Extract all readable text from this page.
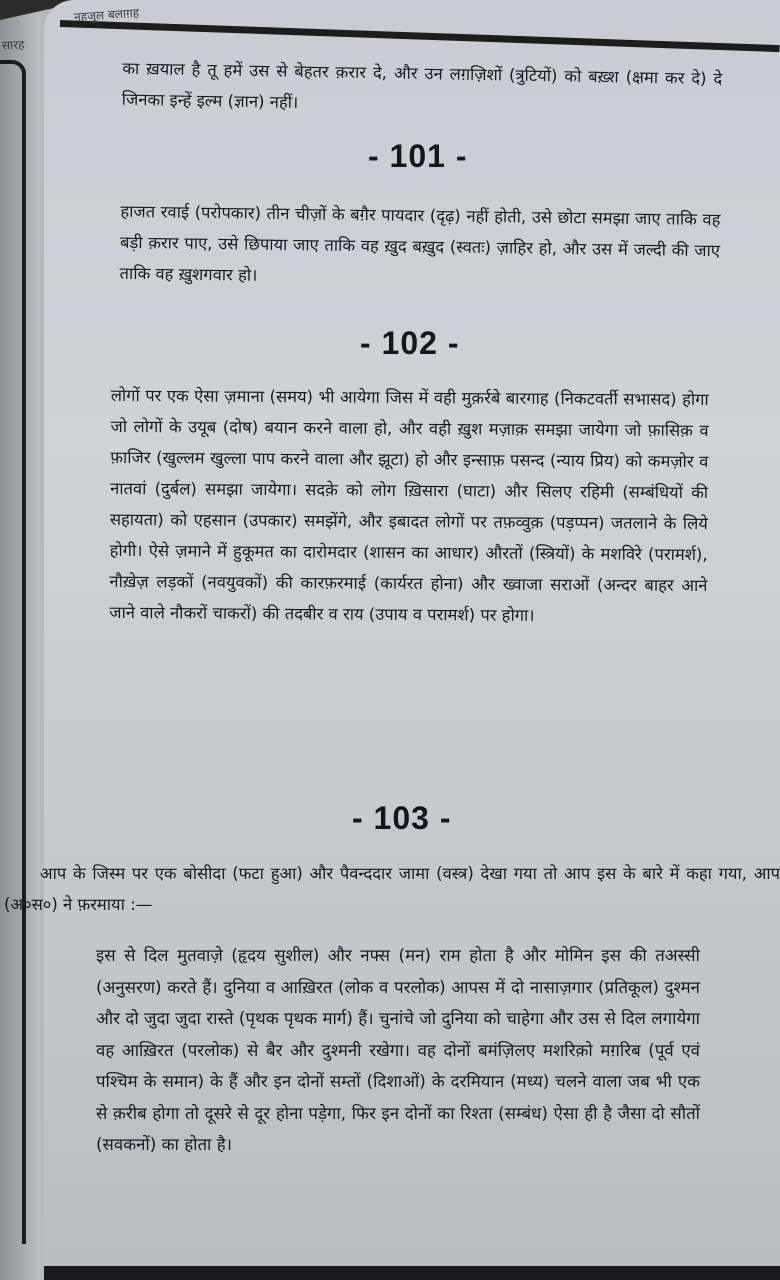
सारह
नहजुल बलाग़ह

का ख़याल है तू हमें उस से बेहतर क़रार दे, और उन लग़ज़िशों (त्रुटियों) को बख़्श (क्षमा कर दे) दे जिनका इन्हें इल्म (ज्ञान) नहीं।

- 101 -

हाजत रवाई (परोपकार) तीन चीज़ों के बग़ैर पायदार (दृढ़) नहीं होती, उसे छोटा समझा जाए ताकि वह बड़ी क़रार पाए, उसे छिपाया जाए ताकि वह ख़ुद बख़ुद (स्वतः) ज़ाहिर हो, और उस में जल्दी की जाए ताकि वह ख़ुशगवार हो।

- 102 -

लोगों पर एक ऐसा ज़माना (समय) भी आयेगा जिस में वही मुक़र्रबे बारगाह (निकटवर्ती सभासद) होगा जो लोगों के उयूब (दोष) बयान करने वाला हो, और वही ख़ुश मज़ाक़ समझा जायेगा जो फ़ासिक़ व फ़ाजिर (खुल्लम खुल्ला पाप करने वाला और झूटा) हो और इन्साफ़ पसन्द (न्याय प्रिय) को कमज़ोर व नातवां (दुर्बल) समझा जायेगा। सदक़े को लोग ख़िसारा (घाटा) और सिलए रहिमी (सम्बंधियों की सहायता) को एहसान (उपकार) समझेंगे, और इबादत लोगों पर तफ़व्वुक़ (पड़प्पन) जतलाने के लिये होगी। ऐसे ज़माने में हुकूमत का दारोमदार (शासन का आधार) औरतों (स्त्रियों) के मशविरे (परामर्श), नौख़ेज़ लड़कों (नवयुवकों) की कारफ़रमाई (कार्यरत होना) और ख्वाजा सराओं (अन्दर बाहर आने जाने वाले नौकरों चाकरों) की तदबीर व राय (उपाय व परामर्श) पर होगा।

- 103 -

आप के जिस्म पर एक बोसीदा (फटा हुआ) और पैवन्ददार जामा (वस्त्र) देखा गया तो आप इस के बारे में कहा गया, आप (अ०स०) ने फ़रमाया :—

इस से दिल मुतवाज़े (हृदय सुशील) और नफ्स (मन) राम होता है और मोमिन इस की तअस्सी (अनुसरण) करते हैं। दुनिया व आख़िरत (लोक व परलोक) आपस में दो नासाज़गार (प्रतिकूल) दुश्मन और दो जुदा जुदा रास्ते (पृथक पृथक मार्ग) हैं। चुनांचे जो दुनिया को चाहेगा और उस से दिल लगायेगा वह आख़िरत (परलोक) से बैर और दुश्मनी रखेगा। वह दोनों बमंज़िलए मशरिक़ो मग़रिब (पूर्व एवं पश्चिम के समान) के हैं और इन दोनों सम्तों (दिशाओं) के दरमियान (मध्य) चलने वाला जब भी एक से क़रीब होगा तो दूसरे से दूर होना पड़ेगा, फिर इन दोनों का रिश्ता (सम्बंध) ऐसा ही है जैसा दो सौतों (सवकनों) का होता है।
